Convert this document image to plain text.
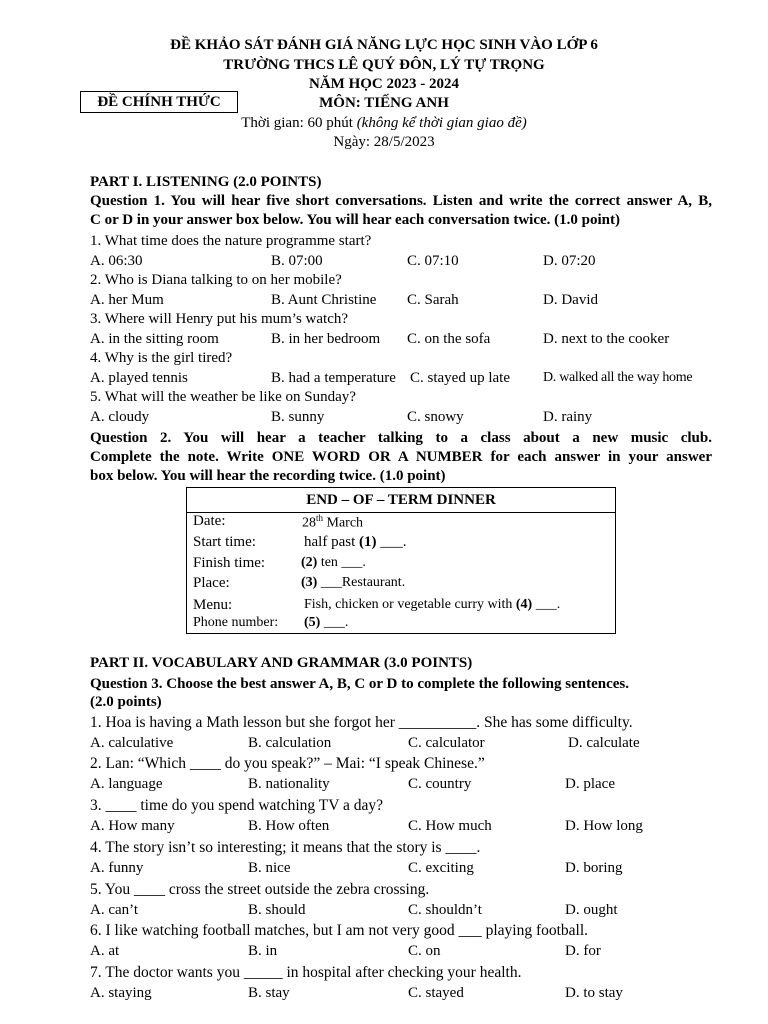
ĐỀ KHẢO SÁT ĐÁNH GIÁ NĂNG LỰC HỌC SINH VÀO LỚP 6
TRƯỜNG THCS LÊ QUÝ ĐÔN, LÝ TỰ TRỌNG
NĂM HỌC 2023 - 2024
ĐỀ CHÍNH THỨC	MÔN: TIẾNG ANH
Thời gian: 60 phút (không kể thời gian giao đề)
Ngày: 28/5/2023
PART I. LISTENING (2.0 POINTS)
Question 1. You will hear five short conversations. Listen and write the correct answer A, B,
C or D in your answer box below. You will hear each conversation twice. (1.0 point)
1. What time does the nature programme start?
A. 06:30	B. 07:00	C. 07:10	D. 07:20
2. Who is Diana talking to on her mobile?
A. her Mum	B. Aunt Christine C. Sarah	D. David
3. Where will Henry put his mum’s watch?
A. in the sitting room	B. in her bedroom C. on the sofa	D. next to the cooker
4. Why is the girl tired?
A. played tennis	B. had a temperature C. stayed up late D. walked all the way home
5. What will the weather be like on Sunday?
A. cloudy	B. sunny	C. snowy	D. rainy
Question 2. You will hear a teacher talking to a class about a new music club.
Complete the note. Write ONE WORD OR A NUMBER for each answer in your answer
box below. You will hear the recording twice. (1.0 point)
END – OF – TERM DINNER
Date:	28th March
Start time:	half past (1) ___.
Finish time:	(2) ten ___.
Place:	(3) ___Restaurant.
Menu:	Fish, chicken or vegetable curry with (4) ___.
Phone number: (5) ___.
PART II. VOCABULARY AND GRAMMAR (3.0 POINTS)
Question 3. Choose the best answer A, B, C or D to complete the following sentences.
(2.0 points)
1. Hoa is having a Math lesson but she forgot her __________. She has some difficulty.
A. calculative	B. calculation	C. calculator	D. calculate
2. Lan: “Which ____ do you speak?” – Mai: “I speak Chinese.”
A. language	B. nationality	C. country	D. place
3. ____ time do you spend watching TV a day?
A. How many	B. How often	C. How much	D. How long
4. The story isn’t so interesting; it means that the story is ____.
A. funny	B. nice	C. exciting	D. boring
5. You ____ cross the street outside the zebra crossing.
A. can’t	B. should	C. shouldn’t	D. ought
6. I like watching football matches, but I am not very good ___ playing football.
A. at	B. in	C. on	D. for
7. The doctor wants you _____ in hospital after checking your health.
A. staying	B. stay	C. stayed	D. to stay
